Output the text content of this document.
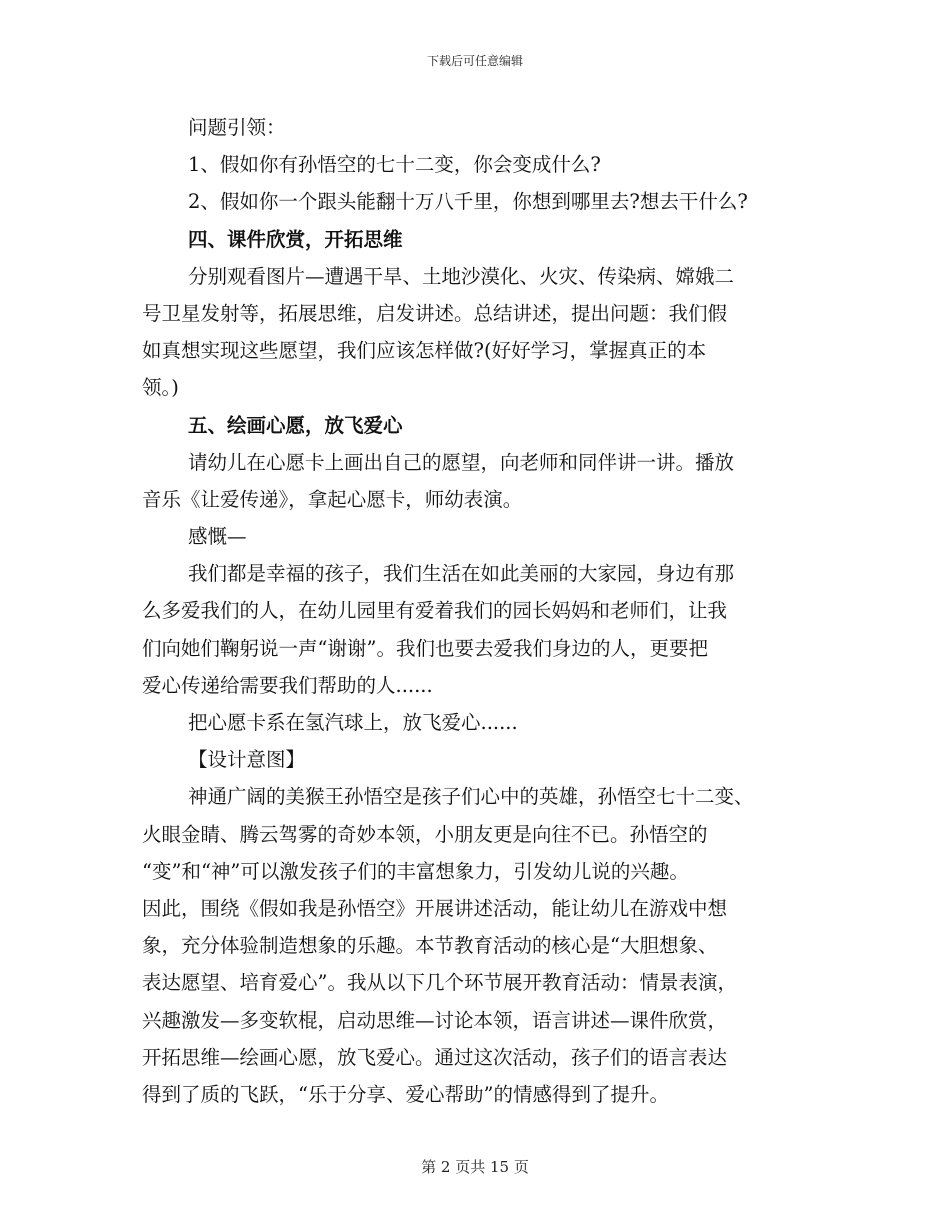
下载后可任意编辑
问题引领：
1、假如你有孙悟空的七十二变，你会变成什么?
2、假如你一个跟头能翻十万八千里，你想到哪里去?想去干什么?
四、课件欣赏，开拓思维
分别观看图片—遭遇干旱、土地沙漠化、火灾、传染病、嫦娥二
号卫星发射等，拓展思维，启发讲述。总结讲述，提出问题：我们假
如真想实现这些愿望，我们应该怎样做?(好好学习，掌握真正的本
领。)
五、绘画心愿，放飞爱心
请幼儿在心愿卡上画出自己的愿望，向老师和同伴讲一讲。播放
音乐《让爱传递》，拿起心愿卡，师幼表演。
感慨—
我们都是幸福的孩子，我们生活在如此美丽的大家园，身边有那
么多爱我们的人，在幼儿园里有爱着我们的园长妈妈和老师们，让我
们向她们鞠躬说一声“谢谢”。我们也要去爱我们身边的人，更要把
爱心传递给需要我们帮助的人......
把心愿卡系在氢汽球上，放飞爱心......
【设计意图】
神通广阔的美猴王孙悟空是孩子们心中的英雄，孙悟空七十二变、
火眼金睛、腾云驾雾的奇妙本领，小朋友更是向往不已。孙悟空的
“变”和“神”可以激发孩子们的丰富想象力，引发幼儿说的兴趣。
因此，围绕《假如我是孙悟空》开展讲述活动，能让幼儿在游戏中想
象，充分体验制造想象的乐趣。本节教育活动的核心是“大胆想象、
表达愿望、培育爱心”。我从以下几个环节展开教育活动：情景表演，
兴趣激发—多变软棍，启动思维—讨论本领，语言讲述—课件欣赏，
开拓思维—绘画心愿，放飞爱心。通过这次活动，孩子们的语言表达
得到了质的飞跃，“乐于分享、爱心帮助”的情感得到了提升。
第 2 页共 15 页
